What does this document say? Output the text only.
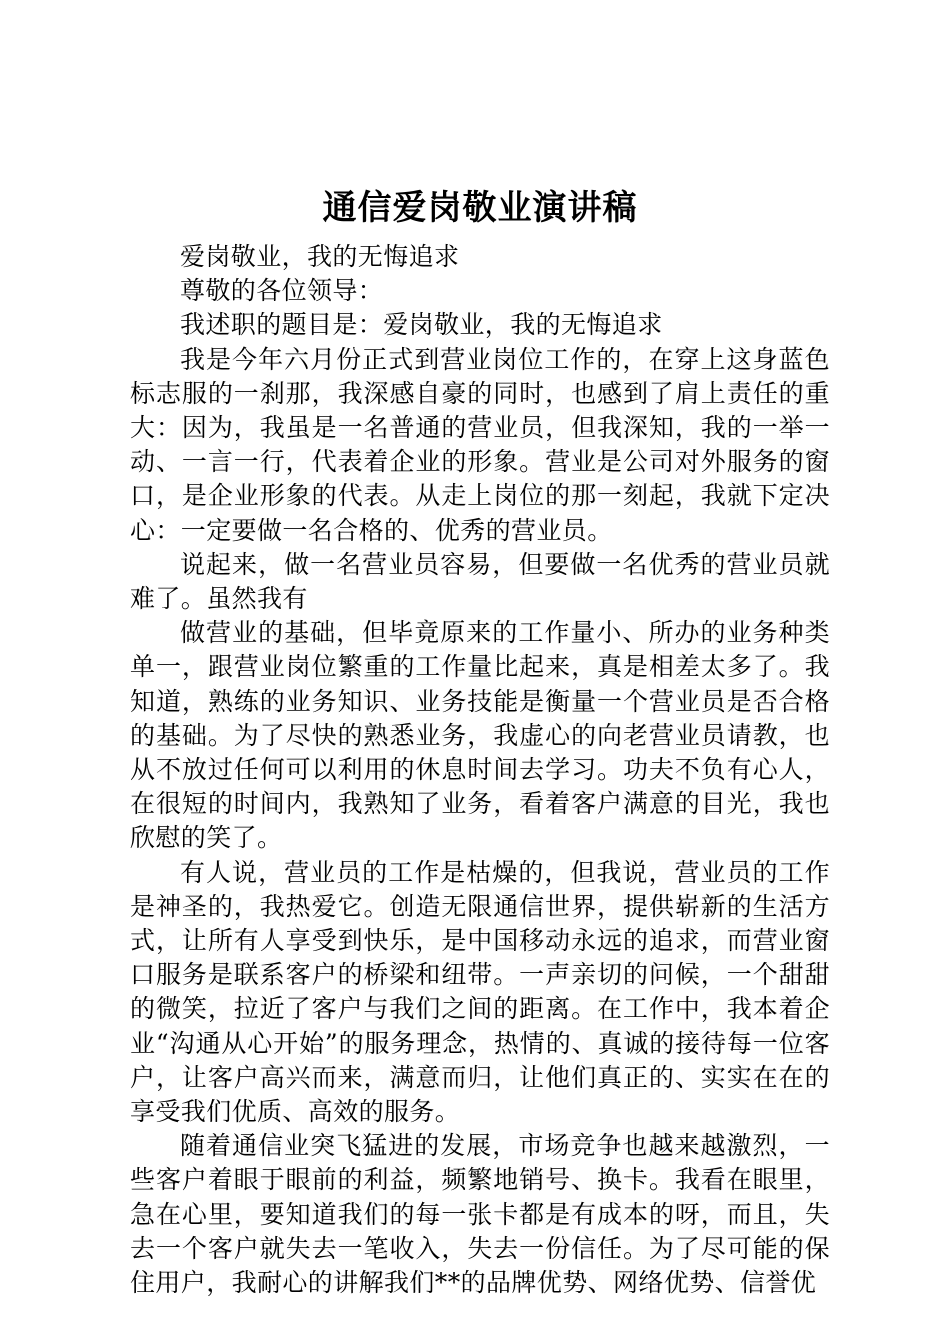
通信爱岗敬业演讲稿

爱岗敬业，我的无悔追求

尊敬的各位领导：

我述职的题目是：爱岗敬业，我的无悔追求

我是今年六月份正式到营业岗位工作的，在穿上这身蓝色标志服的一刹那，我深感自豪的同时，也感到了肩上责任的重大：因为，我虽是一名普通的营业员，但我深知，我的一举一动、一言一行，代表着企业的形象。营业是公司对外服务的窗口，是企业形象的代表。从走上岗位的那一刻起，我就下定决心：一定要做一名合格的、优秀的营业员。

说起来，做一名营业员容易，但要做一名优秀的营业员就难了。虽然我有

做营业的基础，但毕竟原来的工作量小、所办的业务种类单一，跟营业岗位繁重的工作量比起来，真是相差太多了。我知道，熟练的业务知识、业务技能是衡量一个营业员是否合格的基础。为了尽快的熟悉业务，我虚心的向老营业员请教，也从不放过任何可以利用的休息时间去学习。功夫不负有心人，在很短的时间内，我熟知了业务，看着客户满意的目光，我也欣慰的笑了。

有人说，营业员的工作是枯燥的，但我说，营业员的工作是神圣的，我热爱它。创造无限通信世界，提供崭新的生活方式，让所有人享受到快乐，是中国移动永远的追求，而营业窗口服务是联系客户的桥梁和纽带。一声亲切的问候，一个甜甜的微笑，拉近了客户与我们之间的距离。在工作中，我本着企业“沟通从心开始”的服务理念，热情的、真诚的接待每一位客户，让客户高兴而来，满意而归，让他们真正的、实实在在的享受我们优质、高效的服务。

随着通信业突飞猛进的发展，市场竞争也越来越激烈，一些客户着眼于眼前的利益，频繁地销号、换卡。我看在眼里，急在心里，要知道我们的每一张卡都是有成本的呀，而且，失去一个客户就失去一笔收入，失去一份信任。为了尽可能的保住用户，我耐心的讲解我们**的品牌优势、网络优势、信誉优
